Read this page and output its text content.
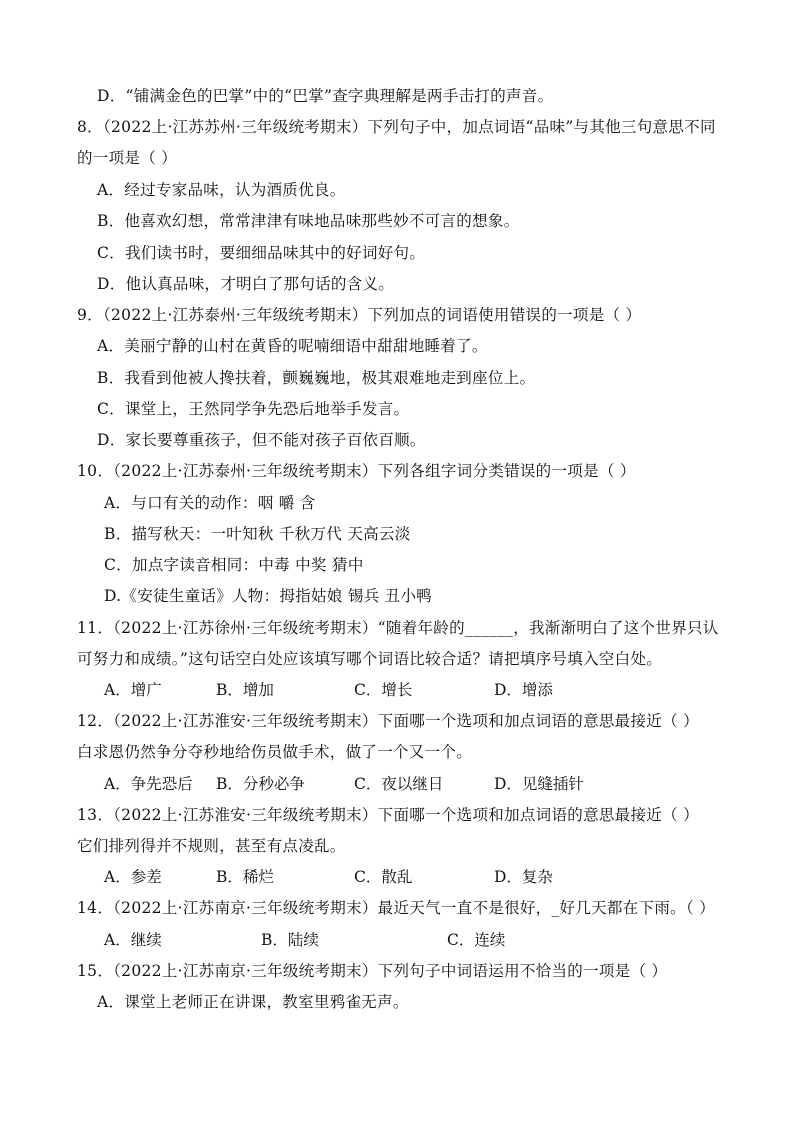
D．“铺满金色的巴掌”中的“巴掌”查字典理解是两手击打的声音。
8．（2022上·江苏苏州·三年级统考期末）下列句子中，加点词语“品味”与其他三句意思不同
的一项是（ ）
A．经过专家品味，认为酒质优良。
B．他喜欢幻想，常常津津有味地品味那些妙不可言的想象。
C．我们读书时，要细细品味其中的好词好句。
D．他认真品味，才明白了那句话的含义。
9．（2022上·江苏泰州·三年级统考期末）下列加点的词语使用错误的一项是（ ）
A．美丽宁静的山村在黄昏的呢喃细语中甜甜地睡着了。
B．我看到他被人搀扶着，颤巍巍地，极其艰难地走到座位上。
C．课堂上，王然同学争先恐后地举手发言。
D．家长要尊重孩子，但不能对孩子百依百顺。
10．（2022上·江苏泰州·三年级统考期末）下列各组字词分类错误的一项是（ ）
A．与口有关的动作：咽 嚼 含
B．描写秋天：一叶知秋 千秋万代 天高云淡
C．加点字读音相同：中毒 中奖 猜中
D.《安徒生童话》人物：拇指姑娘 锡兵 丑小鸭
11．（2022上·江苏徐州·三年级统考期末）“随着年龄的______，我渐渐明白了这个世界只认
可努力和成绩。”这句话空白处应该填写哪个词语比较合适？请把填序号填入空白处。
A．增广	B．增加	C．增长	D．增添
12．（2022上·江苏淮安·三年级统考期末）下面哪一个选项和加点词语的意思最接近（ ）
白求恩仍然争分夺秒地给伤员做手术，做了一个又一个。
A．争先恐后 B．分秒必争	C．夜以继日	D．见缝插针
13．（2022上·江苏淮安·三年级统考期末）下面哪一个选项和加点词语的意思最接近（ ）
它们排列得并不规则，甚至有点凌乱。
A．参差	B．稀烂	C．散乱	D．复杂
14．（2022上·江苏南京·三年级统考期末）最近天气一直不是很好，_好几天都在下雨。（ ）
A．继续	B．陆续	C．连续
15．（2022上·江苏南京·三年级统考期末）下列句子中词语运用不恰当的一项是（ ）
A．课堂上老师正在讲课，教室里鸦雀无声。
